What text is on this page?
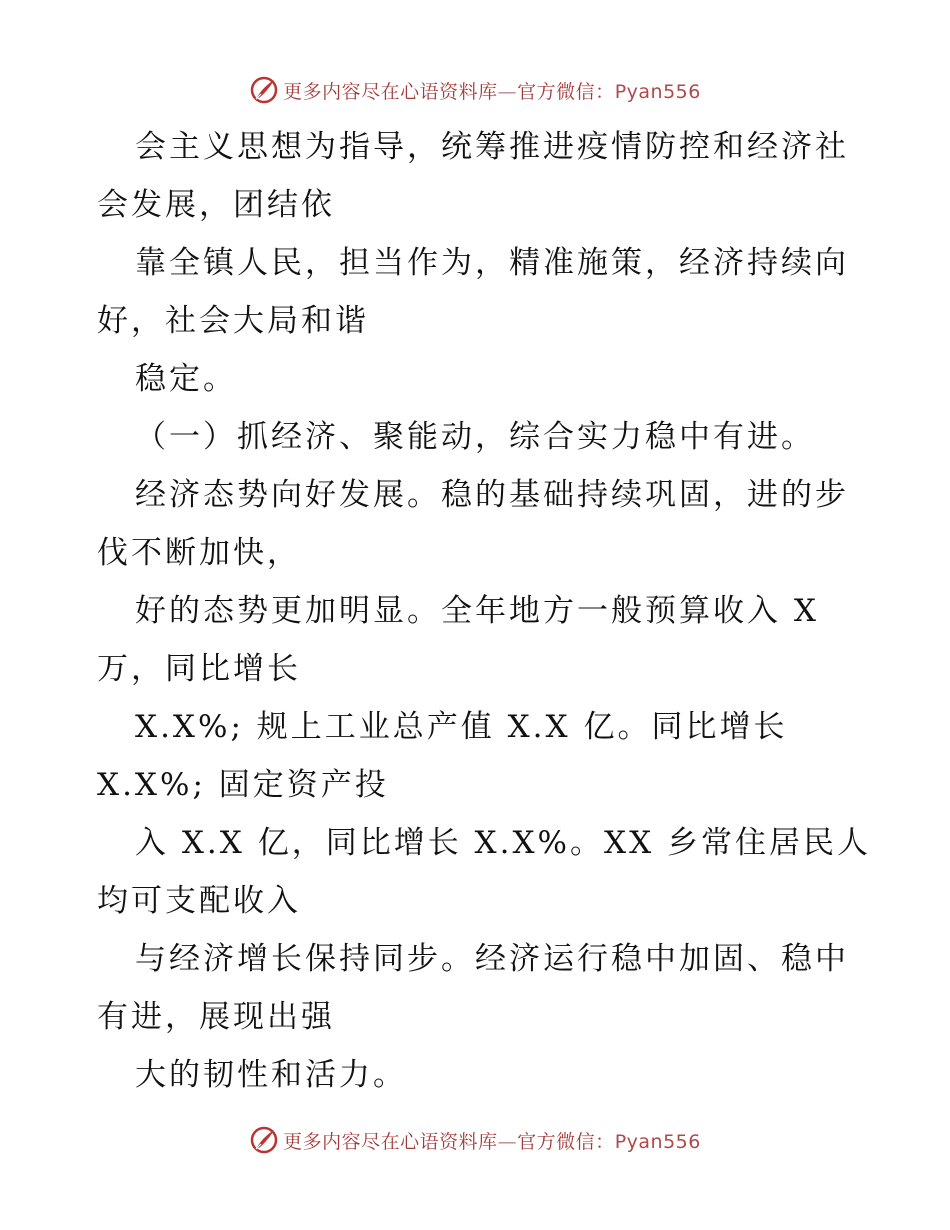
更多内容尽在心语资料库—官方微信：Pyan556

会主义思想为指导，统筹推进疫情防控和经济社
会发展，团结依

靠全镇人民，担当作为，精准施策，经济持续向
好，社会大局和谐

稳定。

（一）抓经济、聚能动，综合实力稳中有进。

经济态势向好发展。稳的基础持续巩固，进的步
伐不断加快，

好的态势更加明显。全年地方一般预算收入 X
万，同比增长

X.X%; 规上工业总产值 X.X 亿。同比增长
X.X%; 固定资产投

入 X.X 亿，同比增长 X.X%。XX 乡常住居民人
均可支配收入

与经济增长保持同步。经济运行稳中加固、稳中
有进，展现出强

大的韧性和活力。

更多内容尽在心语资料库—官方微信：Pyan556
